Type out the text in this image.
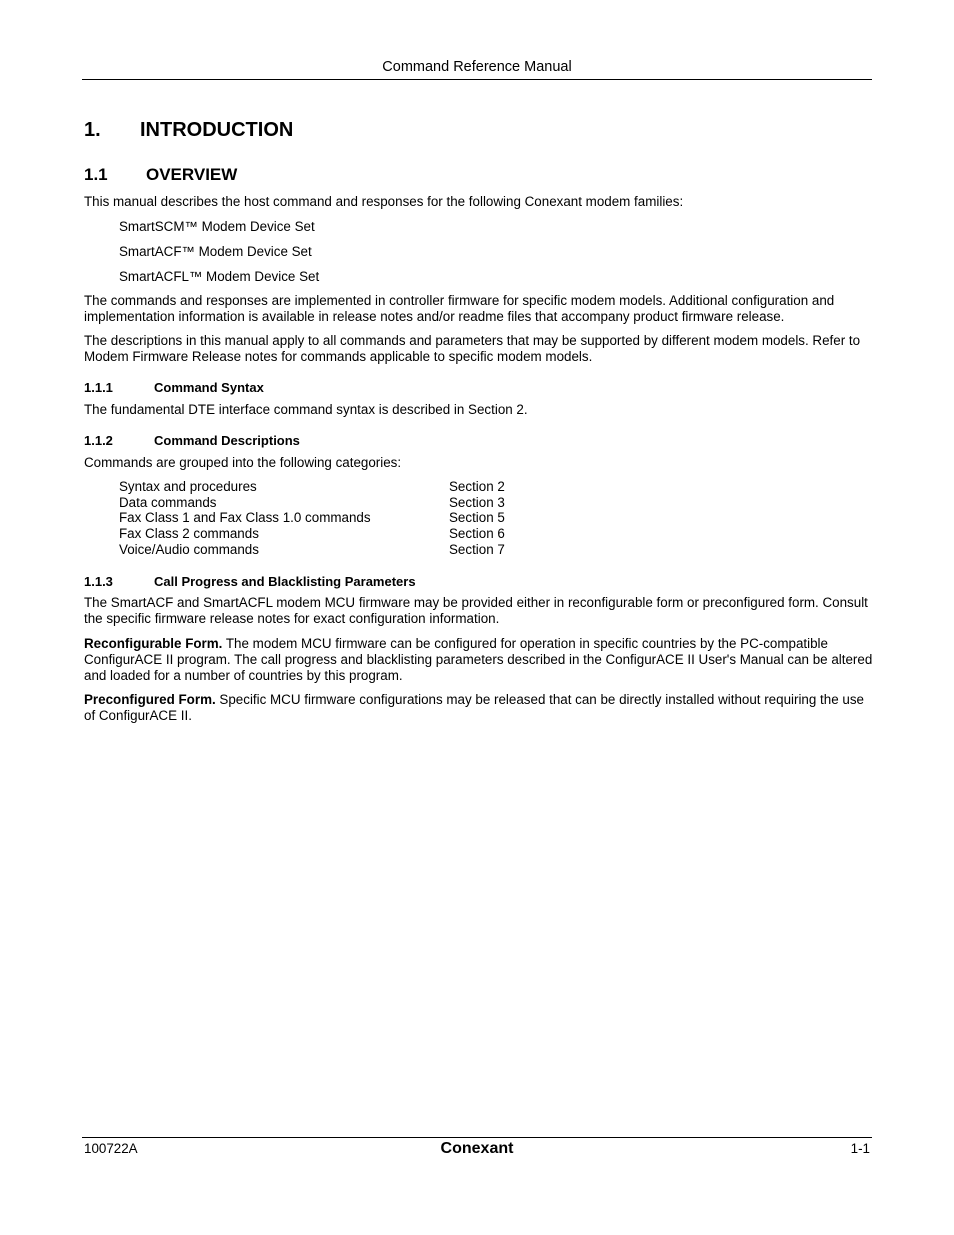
Command Reference Manual
1. INTRODUCTION
1.1 OVERVIEW
This manual describes the host command and responses for the following Conexant modem families:
SmartSCM™ Modem Device Set
SmartACF™ Modem Device Set
SmartACFL™ Modem Device Set
The commands and responses are implemented in controller firmware for specific modem models. Additional configuration and implementation information is available in release notes and/or readme files that accompany product firmware release.
The descriptions in this manual apply to all commands and parameters that may be supported by different modem models. Refer to Modem Firmware Release notes for commands applicable to specific modem models.
1.1.1	Command Syntax
The fundamental DTE interface command syntax is described in Section 2.
1.1.2	Command Descriptions
Commands are grouped into the following categories:
Syntax and procedures	Section 2
Data commands	Section 3
Fax Class 1 and Fax Class 1.0 commands	Section 5
Fax Class 2 commands	Section 6
Voice/Audio commands	Section 7
1.1.3	Call Progress and Blacklisting Parameters
The SmartACF and SmartACFL modem MCU firmware may be provided either in reconfigurable form or preconfigured form. Consult the specific firmware release notes for exact configuration information.
Reconfigurable Form. The modem MCU firmware can be configured for operation in specific countries by the PC-compatible ConfigurACE II program. The call progress and blacklisting parameters described in the ConfigurACE II User's Manual can be altered and loaded for a number of countries by this program.
Preconfigured Form. Specific MCU firmware configurations may be released that can be directly installed without requiring the use of ConfigurACE II.
100722A	Conexant	1-1
